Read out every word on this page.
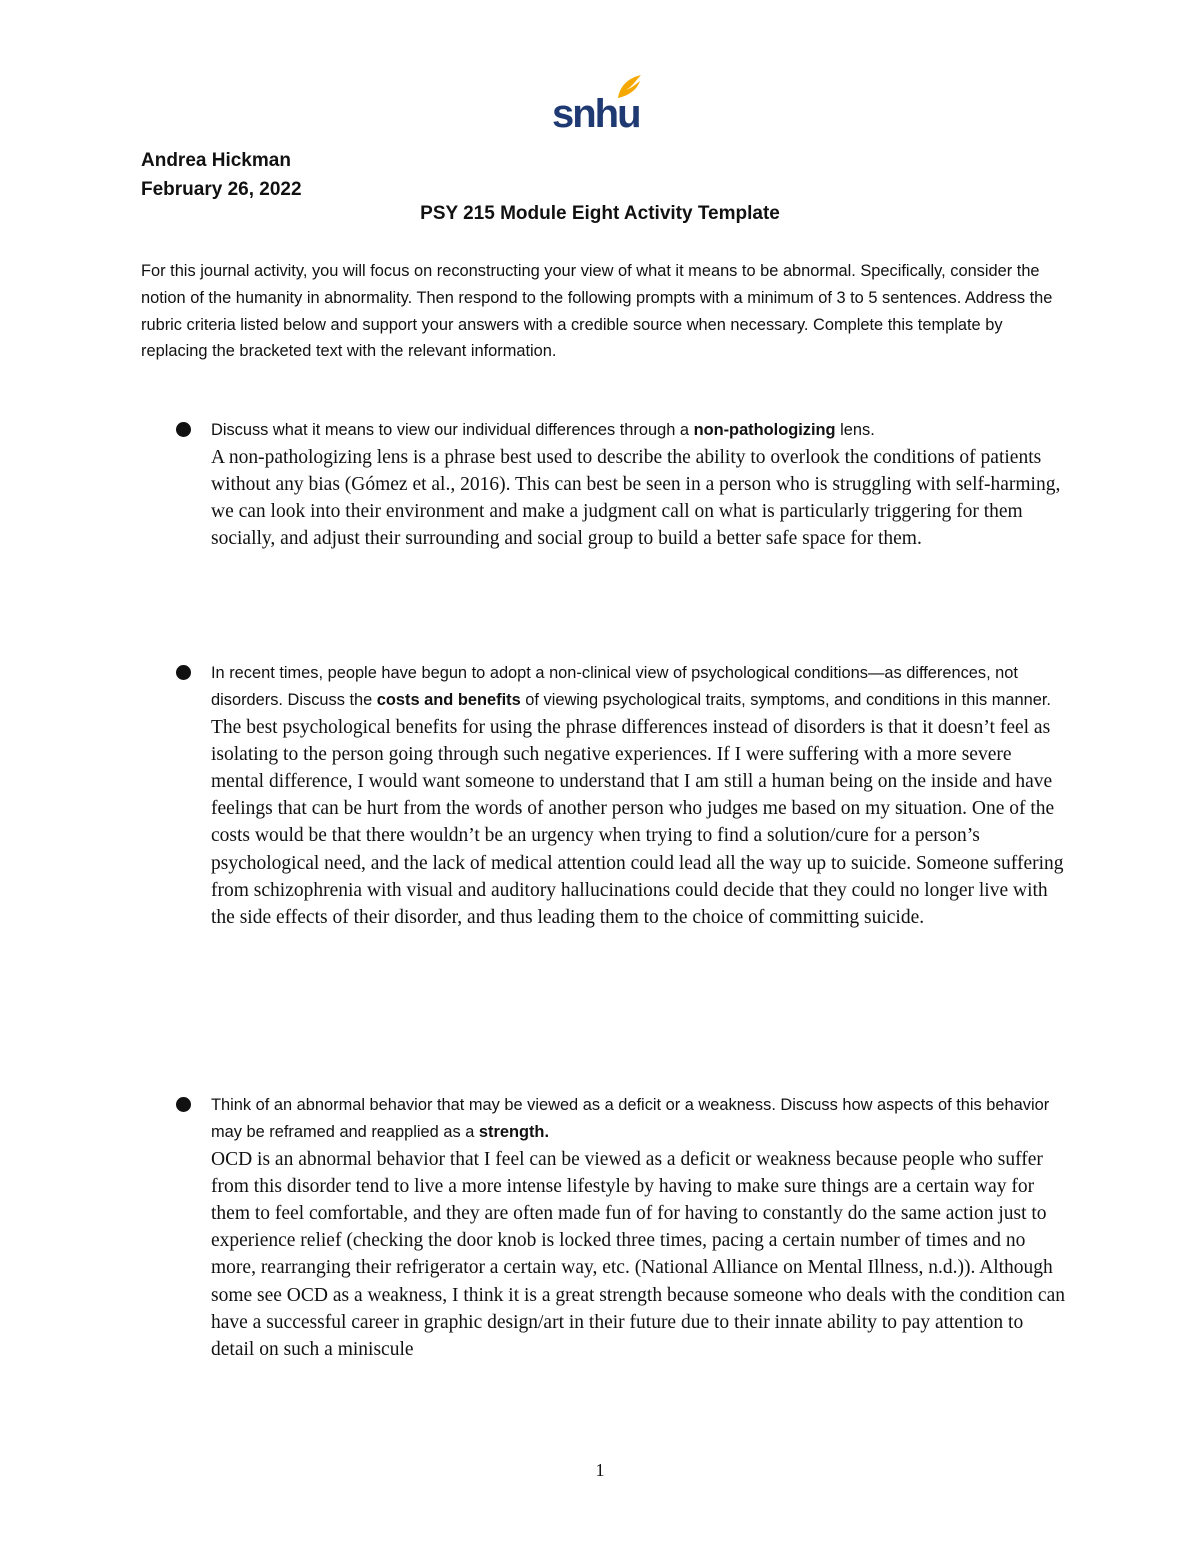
snhu
Andrea Hickman
February 26, 2022
PSY 215 Module Eight Activity Template
For this journal activity, you will focus on reconstructing your view of what it means to be abnormal. Specifically, consider the notion of the humanity in abnormality. Then respond to the following prompts with a minimum of 3 to 5 sentences. Address the rubric criteria listed below and support your answers with a credible source when necessary. Complete this template by replacing the bracketed text with the relevant information.
Discuss what it means to view our individual differences through a non-pathologizing lens.
A non-pathologizing lens is a phrase best used to describe the ability to overlook the conditions of patients without any bias (Gómez et al., 2016). This can best be seen in a person who is struggling with self-harming, we can look into their environment and make a judgment call on what is particularly triggering for them socially, and adjust their surrounding and social group to build a better safe space for them.
In recent times, people have begun to adopt a non-clinical view of psychological conditions—as differences, not disorders. Discuss the costs and benefits of viewing psychological traits, symptoms, and conditions in this manner.
The best psychological benefits for using the phrase differences instead of disorders is that it doesn’t feel as isolating to the person going through such negative experiences. If I were suffering with a more severe mental difference, I would want someone to understand that I am still a human being on the inside and have feelings that can be hurt from the words of another person who judges me based on my situation. One of the costs would be that there wouldn’t be an urgency when trying to find a solution/cure for a person’s psychological need, and the lack of medical attention could lead all the way up to suicide. Someone suffering from schizophrenia with visual and auditory hallucinations could decide that they could no longer live with the side effects of their disorder, and thus leading them to the choice of committing suicide.
Think of an abnormal behavior that may be viewed as a deficit or a weakness. Discuss how aspects of this behavior may be reframed and reapplied as a strength.
OCD is an abnormal behavior that I feel can be viewed as a deficit or weakness because people who suffer from this disorder tend to live a more intense lifestyle by having to make sure things are a certain way for them to feel comfortable, and they are often made fun of for having to constantly do the same action just to experience relief (checking the door knob is locked three times, pacing a certain number of times and no more, rearranging their refrigerator a certain way, etc. (National Alliance on Mental Illness, n.d.)). Although some see OCD as a weakness, I think it is a great strength because someone who deals with the condition can have a successful career in graphic design/art in their future due to their innate ability to pay attention to detail on such a miniscule
1
